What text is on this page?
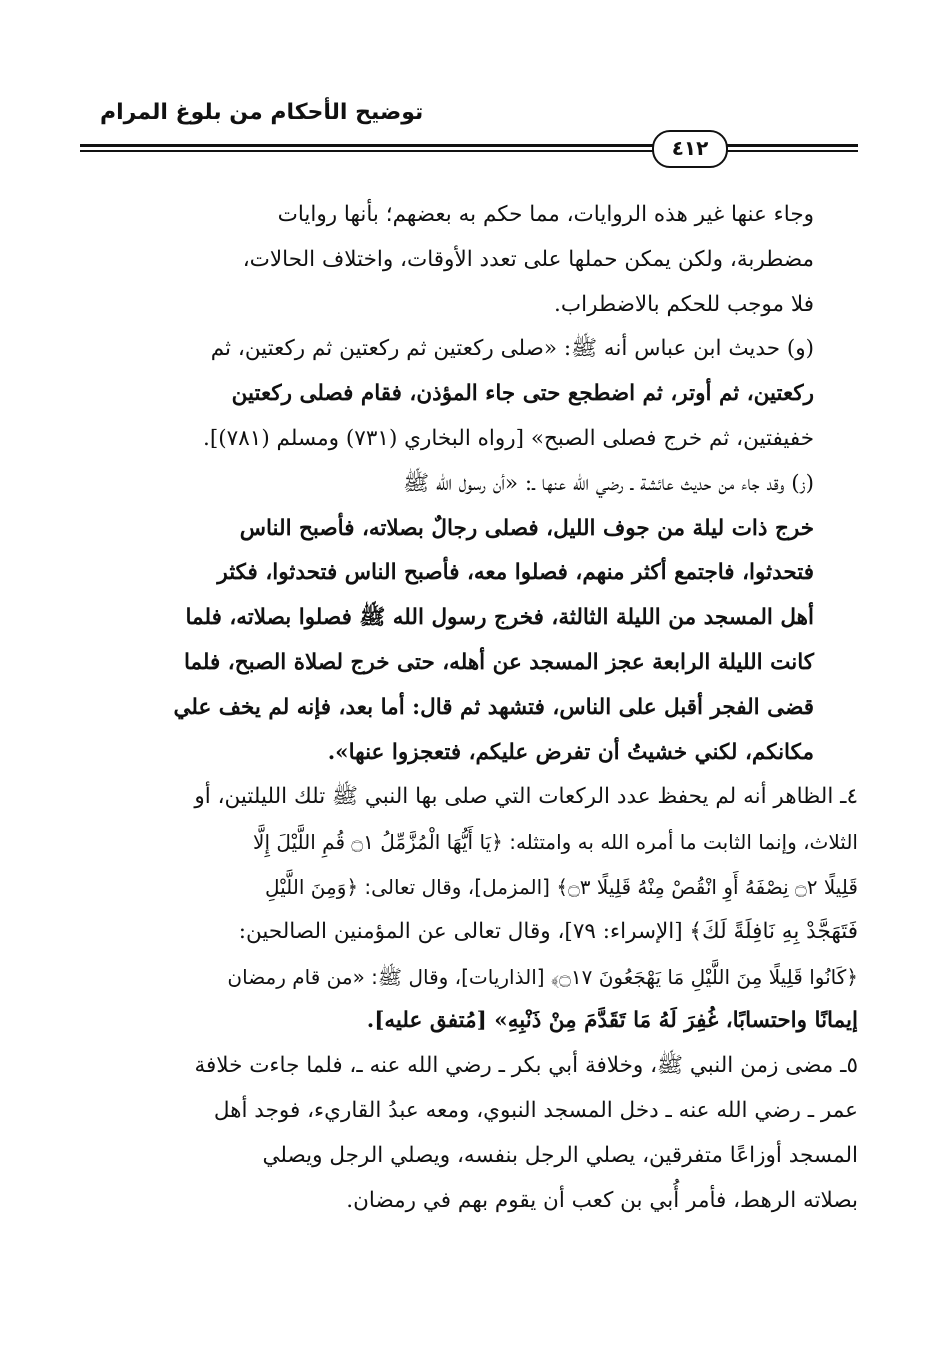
توضيح الأحكام من بلوغ المرام
٤١٢

وجاء عنها غير هذه الروايات، مما حكم به بعضهم؛ بأنها روايات
مضطربة، ولكن يمكن حملها على تعدد الأوقات، واختلاف الحالات،
فلا موجب للحكم بالاضطراب.

(و) حديث ابن عباس أنه ﷺ: «صلى ركعتين ثم ركعتين ثم ركعتين، ثم
ركعتين، ثم أوتر، ثم اضطجع حتى جاء المؤذن، فقام فصلى ركعتين
خفيفتين، ثم خرج فصلى الصبح» [رواه البخاري (٧٣١) ومسلم (٧٨١)].

(ز) وقد جاء من حديث عائشة ـ رضي الله عنها ـ: «أن رسول الله ﷺ
خرج ذات ليلة من جوف الليل، فصلى رجالٌ بصلاته، فأصبح الناس
فتحدثوا، فاجتمع أكثر منهم، فصلوا معه، فأصبح الناس فتحدثوا، فكثر
أهل المسجد من الليلة الثالثة، فخرج رسول الله ﷺ فصلوا بصلاته، فلما
كانت الليلة الرابعة عجز المسجد عن أهله، حتى خرج لصلاة الصبح، فلما
قضى الفجر أقبل على الناس، فتشهد ثم قال: أما بعد، فإنه لم يخف علي
مكانكم، لكني خشيتُ أن تفرض عليكم، فتعجزوا عنها».

٤ـ الظاهر أنه لم يحفظ عدد الركعات التي صلى بها النبي ﷺ تلك الليلتين، أو
الثلاث، وإنما الثابت ما أمره الله به وامتثله: ﴿يَا أَيُّهَا الْمُزَّمِّلُ ۝١ قُمِ اللَّيْلَ إِلَّا
قَلِيلًا ۝٢ نِصْفَهُ أَوِ انْقُصْ مِنْهُ قَلِيلًا ۝٣﴾ [المزمل]، وقال تعالى: ﴿وَمِنَ اللَّيْلِ
فَتَهَجَّدْ بِهِ نَافِلَةً لَكَ﴾ [الإسراء: ٧٩]، وقال تعالى عن المؤمنين الصالحين:
﴿كَانُوا قَلِيلًا مِنَ اللَّيْلِ مَا يَهْجَعُونَ ۝١٧﴾ [الذاريات]، وقال ﷺ: «من قام رمضان
إيمانًا واحتسابًا، غُفِرَ لَهُ مَا تَقَدَّمَ مِنْ ذَنْبِهِ» [مُتفق عليه].

٥ـ مضى زمن النبي ﷺ، وخلافة أبي بكر ـ رضي الله عنه ـ، فلما جاءت خلافة
عمر ـ رضي الله عنه ـ دخل المسجد النبوي، ومعه عبدُ القاريء، فوجد أهل
المسجد أوزاعًا متفرقين، يصلي الرجل بنفسه، ويصلي الرجل ويصلي
بصلاته الرهط، فأمر أُبي بن كعب أن يقوم بهم في رمضان.
